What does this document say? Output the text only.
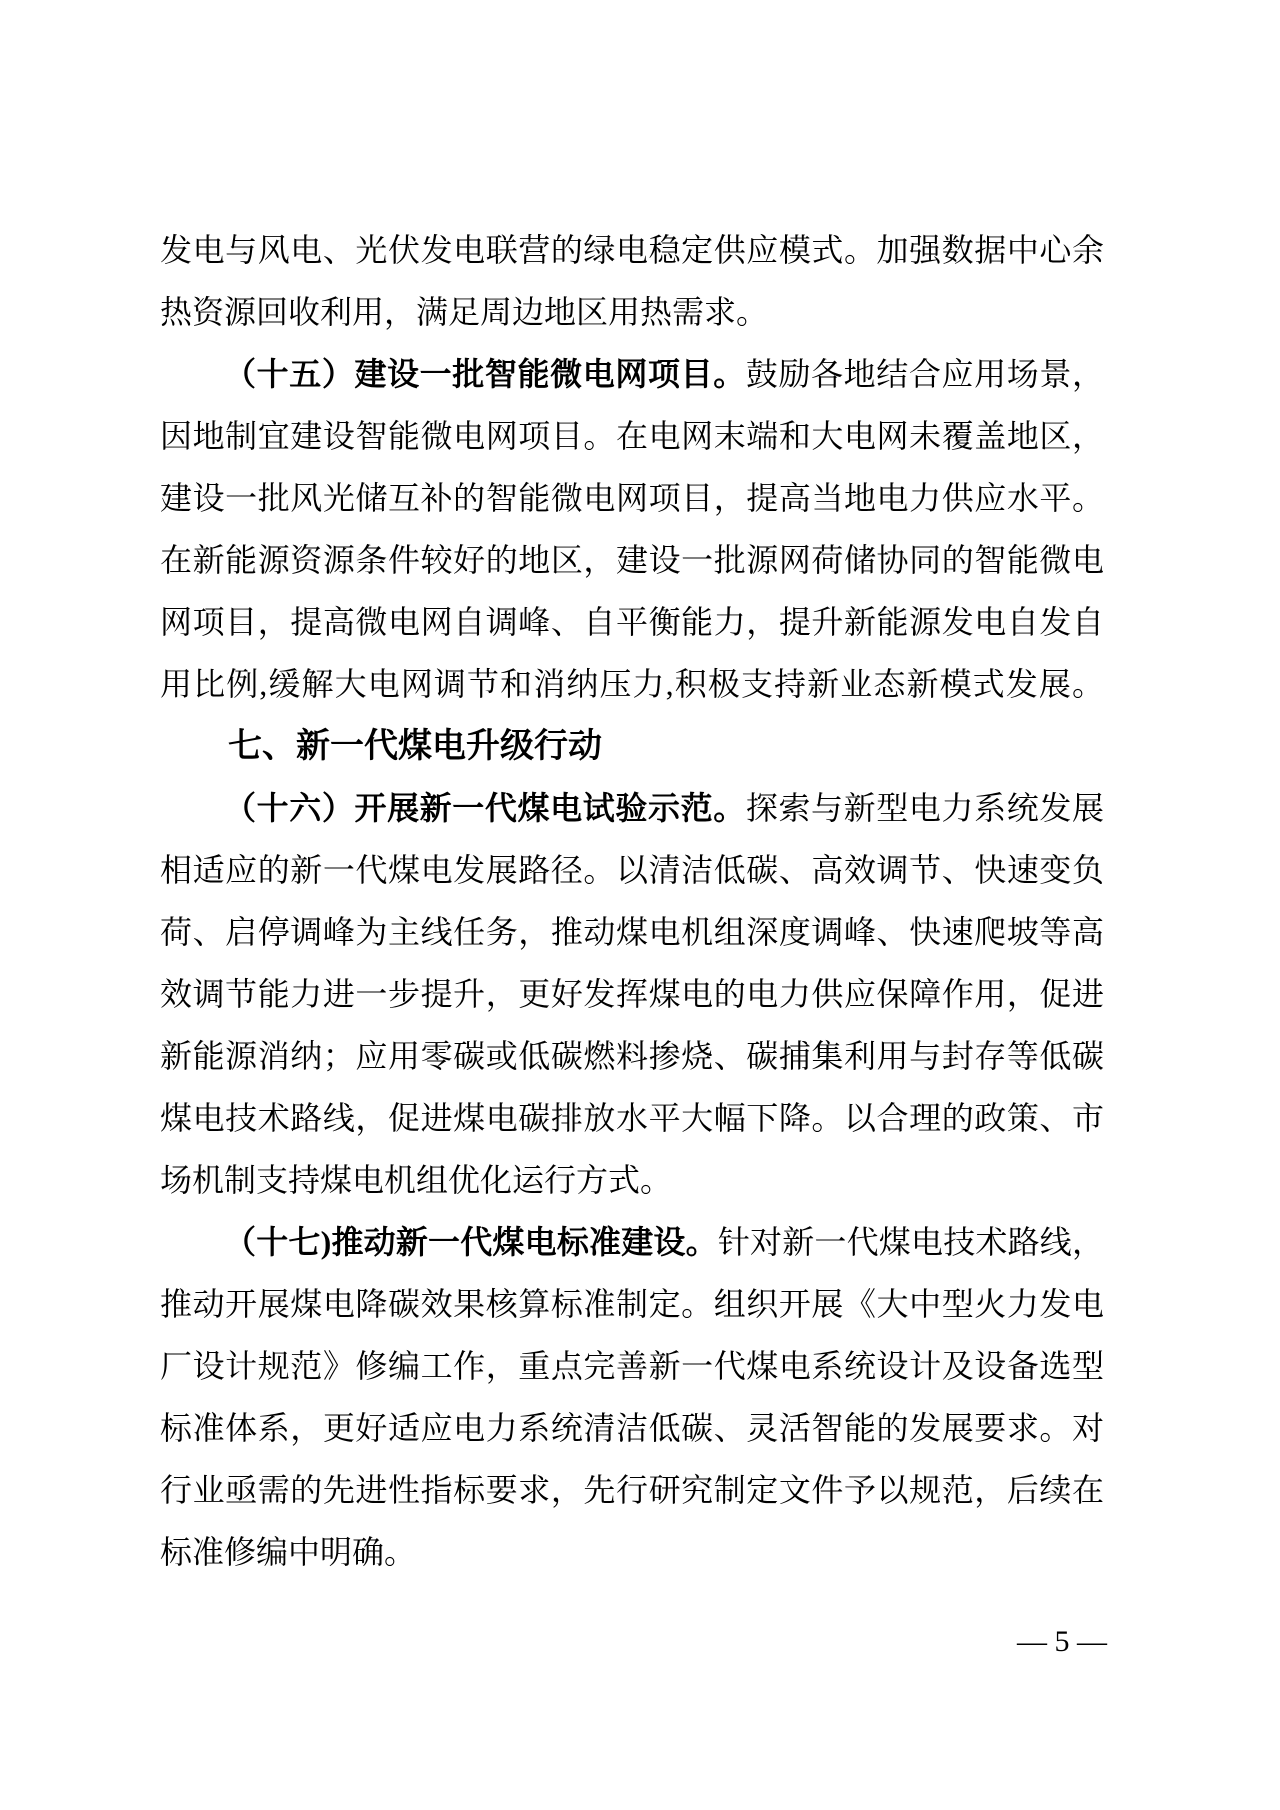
发电与风电、光伏发电联营的绿电稳定供应模式。加强数据中心余
热资源回收利用，满足周边地区用热需求。
（十五）建设一批智能微电网项目。鼓励各地结合应用场景，
因地制宜建设智能微电网项目。在电网末端和大电网未覆盖地区，
建设一批风光储互补的智能微电网项目，提高当地电力供应水平。
在新能源资源条件较好的地区，建设一批源网荷储协同的智能微电
网项目，提高微电网自调峰、自平衡能力，提升新能源发电自发自
用比例,缓解大电网调节和消纳压力,积极支持新业态新模式发展。
七、新一代煤电升级行动
（十六）开展新一代煤电试验示范。探索与新型电力系统发展
相适应的新一代煤电发展路径。以清洁低碳、高效调节、快速变负
荷、启停调峰为主线任务，推动煤电机组深度调峰、快速爬坡等高
效调节能力进一步提升，更好发挥煤电的电力供应保障作用，促进
新能源消纳；应用零碳或低碳燃料掺烧、碳捕集利用与封存等低碳
煤电技术路线，促进煤电碳排放水平大幅下降。以合理的政策、市
场机制支持煤电机组优化运行方式。
（十七)推动新一代煤电标准建设。针对新一代煤电技术路线，
推动开展煤电降碳效果核算标准制定。组织开展《大中型火力发电
厂设计规范》修编工作，重点完善新一代煤电系统设计及设备选型
标准体系，更好适应电力系统清洁低碳、灵活智能的发展要求。对
行业亟需的先进性指标要求，先行研究制定文件予以规范，后续在
标准修编中明确。
— 5 —
